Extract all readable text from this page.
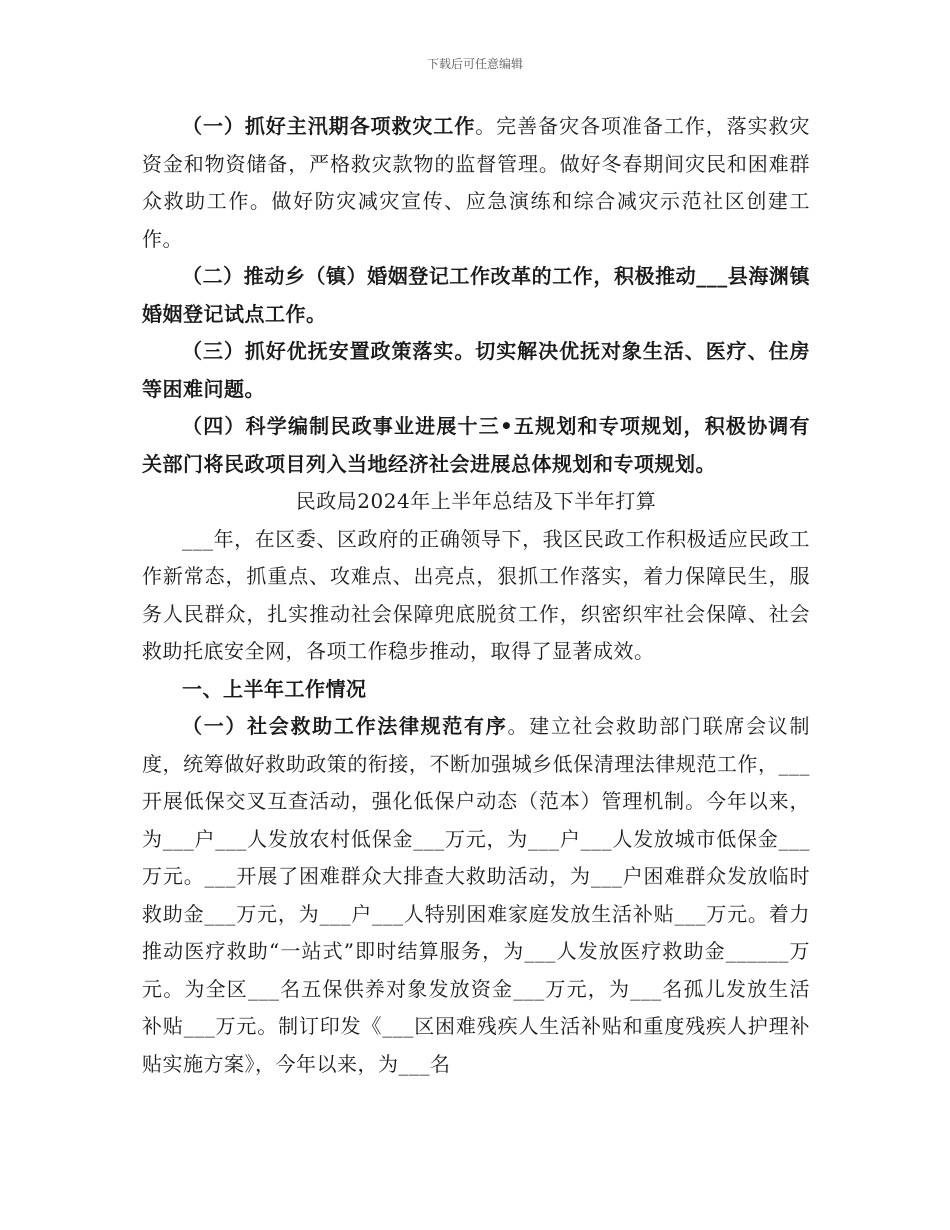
下载后可任意编辑

（一）抓好主汛期各项救灾工作。完善备灾各项准备工作，落实救灾资金和物资储备，严格救灾款物的监督管理。做好冬春期间灾民和困难群众救助工作。做好防灾减灾宣传、应急演练和综合减灾示范社区创建工作。

（二）推动乡（镇）婚姻登记工作改革的工作，积极推动___县海渊镇婚姻登记试点工作。

（三）抓好优抚安置政策落实。切实解决优抚对象生活、医疗、住房等困难问题。

（四）科学编制民政事业进展十三•五规划和专项规划，积极协调有关部门将民政项目列入当地经济社会进展总体规划和专项规划。

民政局2024年上半年总结及下半年打算

___年，在区委、区政府的正确领导下，我区民政工作积极适应民政工作新常态，抓重点、攻难点、出亮点，狠抓工作落实，着力保障民生，服务人民群众，扎实推动社会保障兜底脱贫工作，织密织牢社会保障、社会救助托底安全网，各项工作稳步推动，取得了显著成效。

一、上半年工作情况

（一）社会救助工作法律规范有序。建立社会救助部门联席会议制度，统筹做好救助政策的衔接，不断加强城乡低保清理法律规范工作，___开展低保交叉互查活动，强化低保户动态（范本）管理机制。今年以来，为___户___人发放农村低保金___万元，为___户___人发放城市低保金___万元。___开展了困难群众大排查大救助活动，为___户困难群众发放临时救助金___万元，为___户___人特别困难家庭发放生活补贴___万元。着力推动医疗救助“一站式”即时结算服务，为___人发放医疗救助金______万元。为全区___名五保供养对象发放资金___万元，为___名孤儿发放生活补贴___万元。制订印发《___区困难残疾人生活补贴和重度残疾人护理补贴实施方案》，今年以来，为___名
